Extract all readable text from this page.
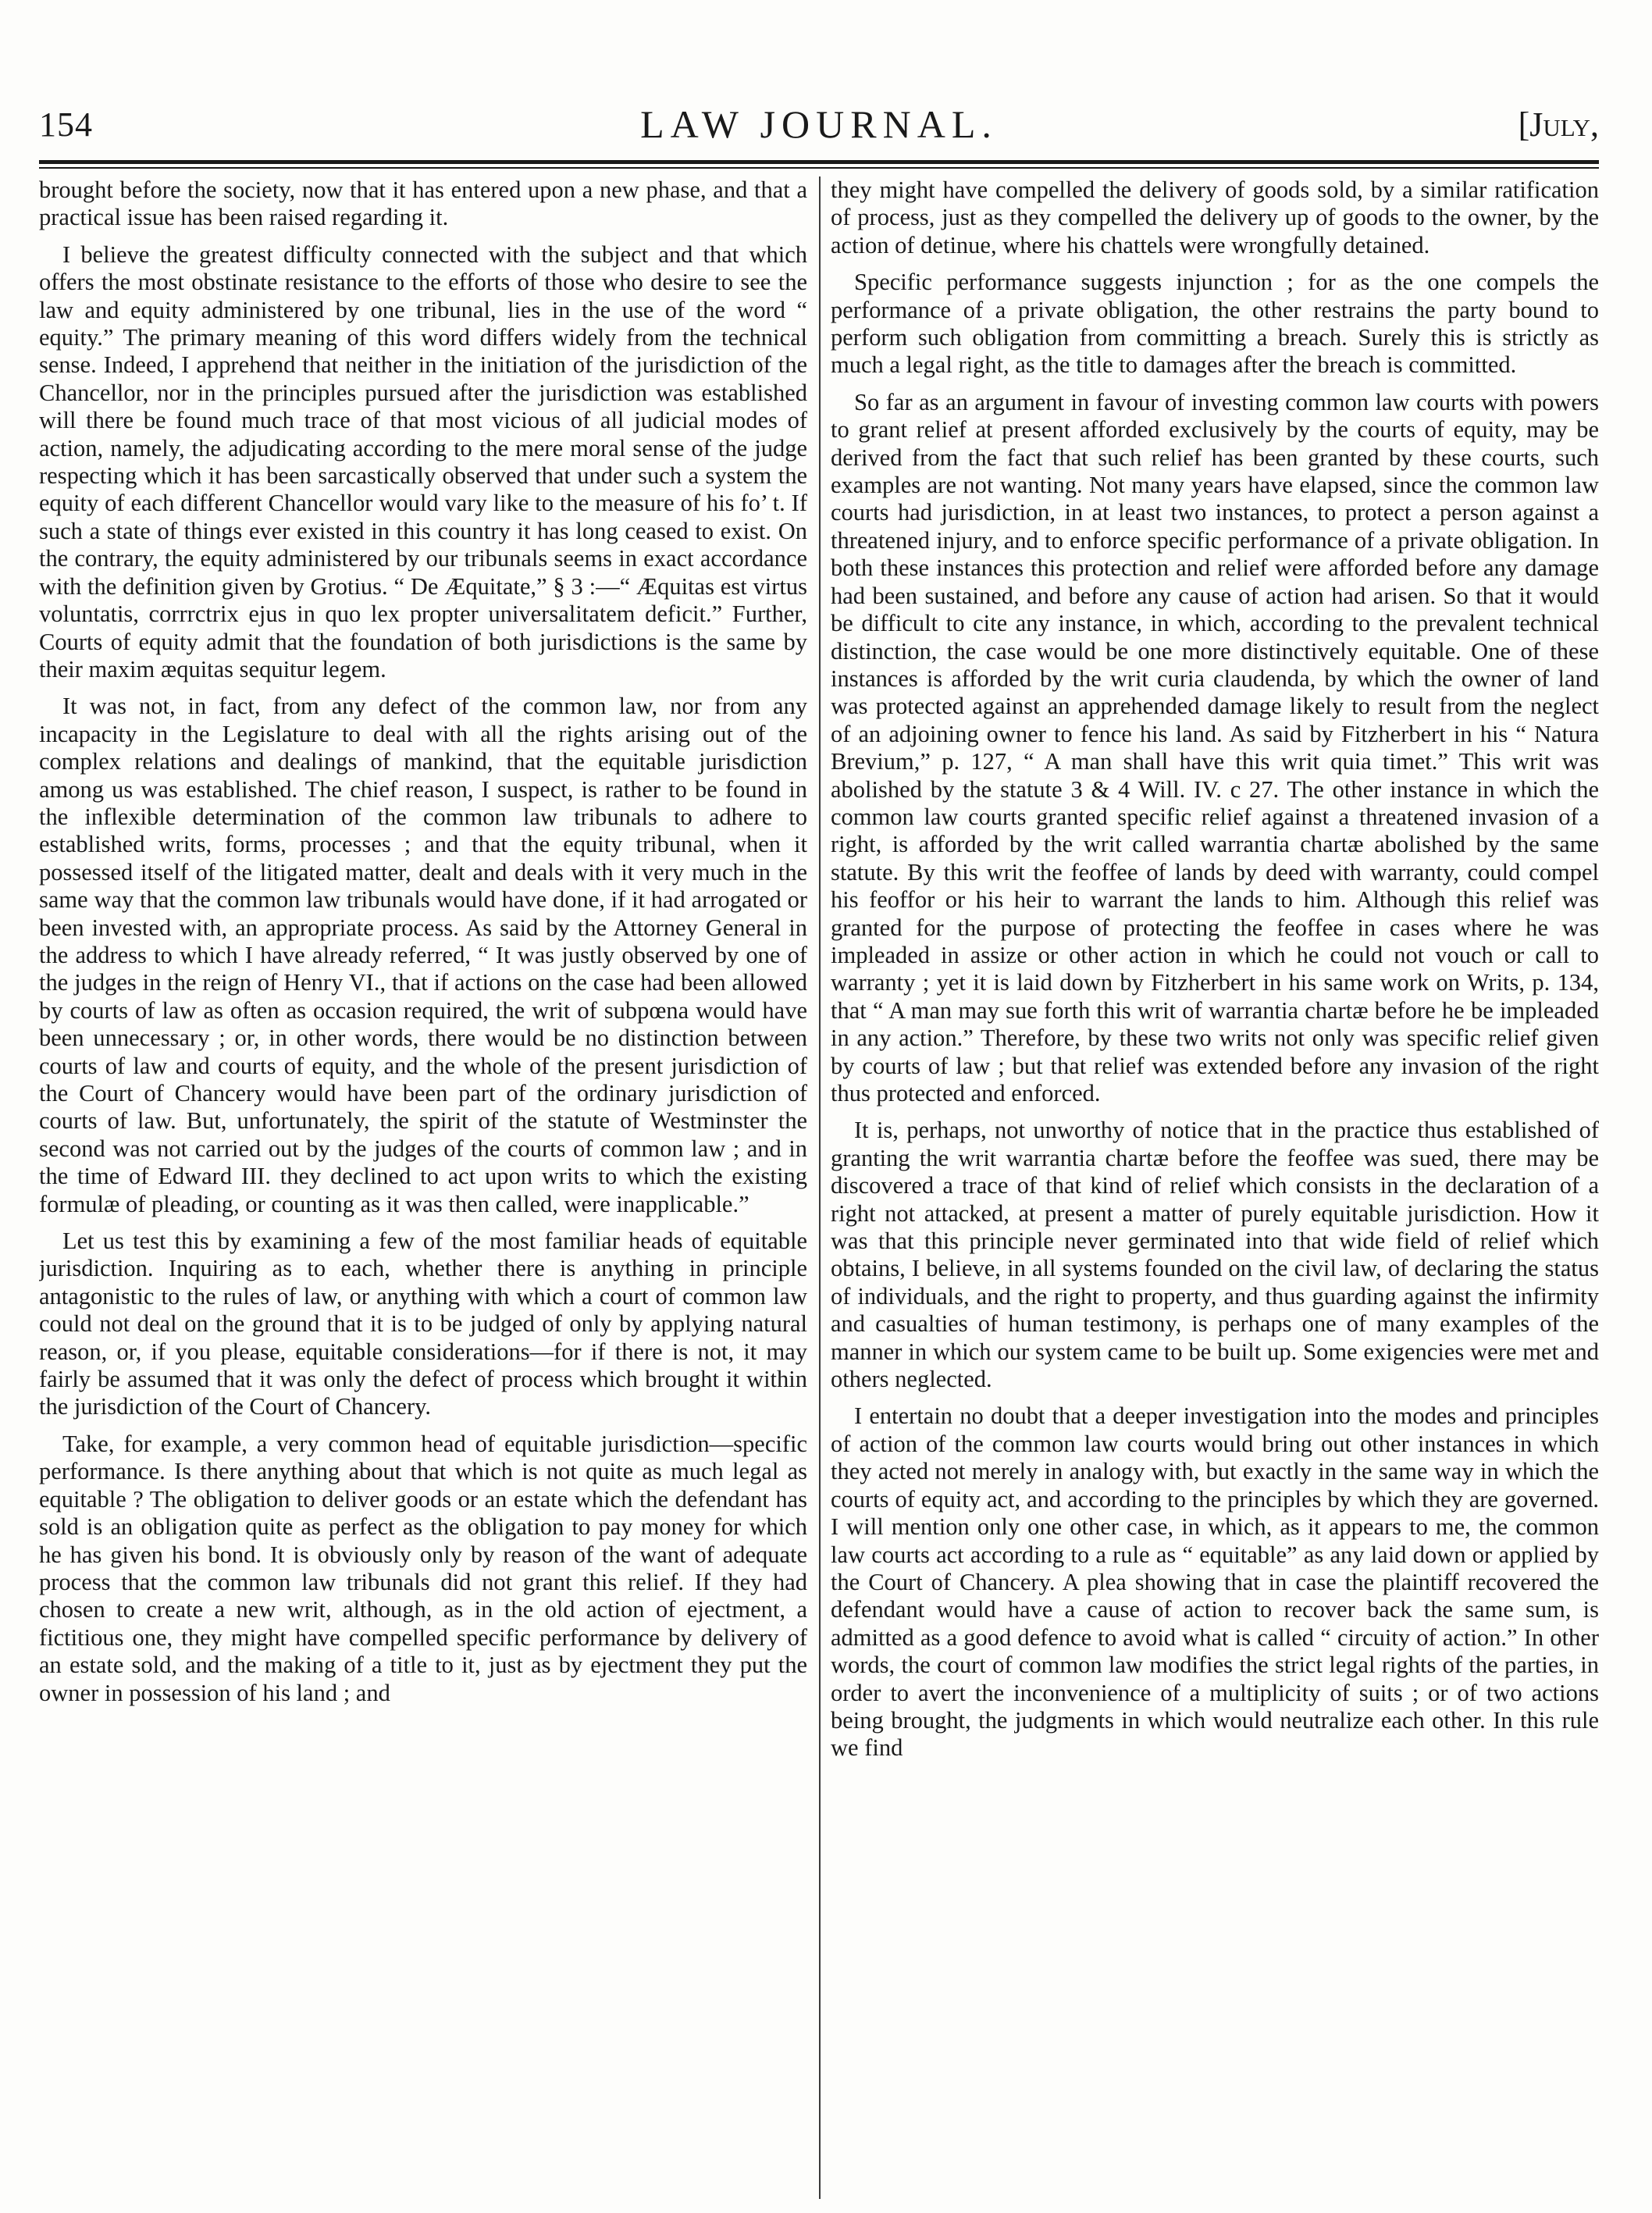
154	LAW JOURNAL.	[July,

brought before the society, now that it has entered upon a new phase, and that a practical issue has been raised regarding it.

I believe the greatest difficulty connected with the subject and that which offers the most obstinate resistance to the efforts of those who desire to see the law and equity administered by one tribunal, lies in the use of the word “ equity.” The primary meaning of this word differs widely from the technical sense. Indeed, I apprehend that neither in the initiation of the jurisdiction of the Chancellor, nor in the principles pursued after the jurisdiction was established will there be found much trace of that most vicious of all judicial modes of action, namely, the adjudicating according to the mere moral sense of the judge respecting which it has been sarcastically observed that under such a system the equity of each different Chancellor would vary like to the measure of his fo’ t. If such a state of things ever existed in this country it has long ceased to exist. On the contrary, the equity administered by our tribunals seems in exact accordance with the definition given by Grotius. “ De Æquitate,” § 3 :—“ Æquitas est virtus voluntatis, corrrctrix ejus in quo lex propter universalitatem deficit.” Further, Courts of equity admit that the foundation of both jurisdictions is the same by their maxim æquitas sequitur legem.

It was not, in fact, from any defect of the common law, nor from any incapacity in the Legislature to deal with all the rights arising out of the complex relations and dealings of mankind, that the equitable jurisdiction among us was established. The chief reason, I suspect, is rather to be found in the inflexible determination of the common law tribunals to adhere to established writs, forms, processes ; and that the equity tribunal, when it possessed itself of the litigated matter, dealt and deals with it very much in the same way that the common law tribunals would have done, if it had arrogated or been invested with, an appropriate process. As said by the Attorney General in the address to which I have already referred, “ It was justly observed by one of the judges in the reign of Henry VI., that if actions on the case had been allowed by courts of law as often as occasion required, the writ of subpœna would have been unnecessary ; or, in other words, there would be no distinction between courts of law and courts of equity, and the whole of the present jurisdiction of the Court of Chancery would have been part of the ordinary jurisdiction of courts of law. But, unfortunately, the spirit of the statute of Westminster the second was not carried out by the judges of the courts of common law ; and in the time of Edward III. they declined to act upon writs to which the existing formulæ of pleading, or counting as it was then called, were inapplicable.”

Let us test this by examining a few of the most familiar heads of equitable jurisdiction. Inquiring as to each, whether there is anything in principle antagonistic to the rules of law, or anything with which a court of common law could not deal on the ground that it is to be judged of only by applying natural reason, or, if you please, equitable considerations—for if there is not, it may fairly be assumed that it was only the defect of process which brought it within the jurisdiction of the Court of Chancery.

Take, for example, a very common head of equitable jurisdiction—specific performance. Is there anything about that which is not quite as much legal as equitable ? The obligation to deliver goods or an estate which the defendant has sold is an obligation quite as perfect as the obligation to pay money for which he has given his bond. It is obviously only by reason of the want of adequate process that the common law tribunals did not grant this relief. If they had chosen to create a new writ, although, as in the old action of ejectment, a fictitious one, they might have compelled specific performance by delivery of an estate sold, and the making of a title to it, just as by ejectment they put the owner in possession of his land ; and

they might have compelled the delivery of goods sold, by a similar ratification of process, just as they compelled the delivery up of goods to the owner, by the action of detinue, where his chattels were wrongfully detained.

Specific performance suggests injunction ; for as the one compels the performance of a private obligation, the other restrains the party bound to perform such obligation from committing a breach. Surely this is strictly as much a legal right, as the title to damages after the breach is committed.

So far as an argument in favour of investing common law courts with powers to grant relief at present afforded exclusively by the courts of equity, may be derived from the fact that such relief has been granted by these courts, such examples are not wanting. Not many years have elapsed, since the common law courts had jurisdiction, in at least two instances, to protect a person against a threatened injury, and to enforce specific performance of a private obligation. In both these instances this protection and relief were afforded before any damage had been sustained, and before any cause of action had arisen. So that it would be difficult to cite any instance, in which, according to the prevalent technical distinction, the case would be one more distinctively equitable. One of these instances is afforded by the writ curia claudenda, by which the owner of land was protected against an apprehended damage likely to result from the neglect of an adjoining owner to fence his land. As said by Fitzherbert in his “ Natura Brevium,” p. 127, “ A man shall have this writ quia timet.” This writ was abolished by the statute 3 & 4 Will. IV. c 27. The other instance in which the common law courts granted specific relief against a threatened invasion of a right, is afforded by the writ called warrantia chartæ abolished by the same statute. By this writ the feoffee of lands by deed with warranty, could compel his feoffor or his heir to warrant the lands to him. Although this relief was granted for the purpose of protecting the feoffee in cases where he was impleaded in assize or other action in which he could not vouch or call to warranty ; yet it is laid down by Fitzherbert in his same work on Writs, p. 134, that “ A man may sue forth this writ of warrantia chartæ before he be impleaded in any action.” Therefore, by these two writs not only was specific relief given by courts of law ; but that relief was extended before any invasion of the right thus protected and enforced.

It is, perhaps, not unworthy of notice that in the practice thus established of granting the writ warrantia chartæ before the feoffee was sued, there may be discovered a trace of that kind of relief which consists in the declaration of a right not attacked, at present a matter of purely equitable jurisdiction. How it was that this principle never germinated into that wide field of relief which obtains, I believe, in all systems founded on the civil law, of declaring the status of individuals, and the right to property, and thus guarding against the infirmity and casualties of human testimony, is perhaps one of many examples of the manner in which our system came to be built up. Some exigencies were met and others neglected.

I entertain no doubt that a deeper investigation into the modes and principles of action of the common law courts would bring out other instances in which they acted not merely in analogy with, but exactly in the same way in which the courts of equity act, and according to the principles by which they are governed. I will mention only one other case, in which, as it appears to me, the common law courts act according to a rule as “ equitable” as any laid down or applied by the Court of Chancery. A plea showing that in case the plaintiff recovered the defendant would have a cause of action to recover back the same sum, is admitted as a good defence to avoid what is called “ circuity of action.” In other words, the court of common law modifies the strict legal rights of the parties, in order to avert the inconvenience of a multiplicity of suits ; or of two actions being brought, the judgments in which would neutralize each other. In this rule we find
